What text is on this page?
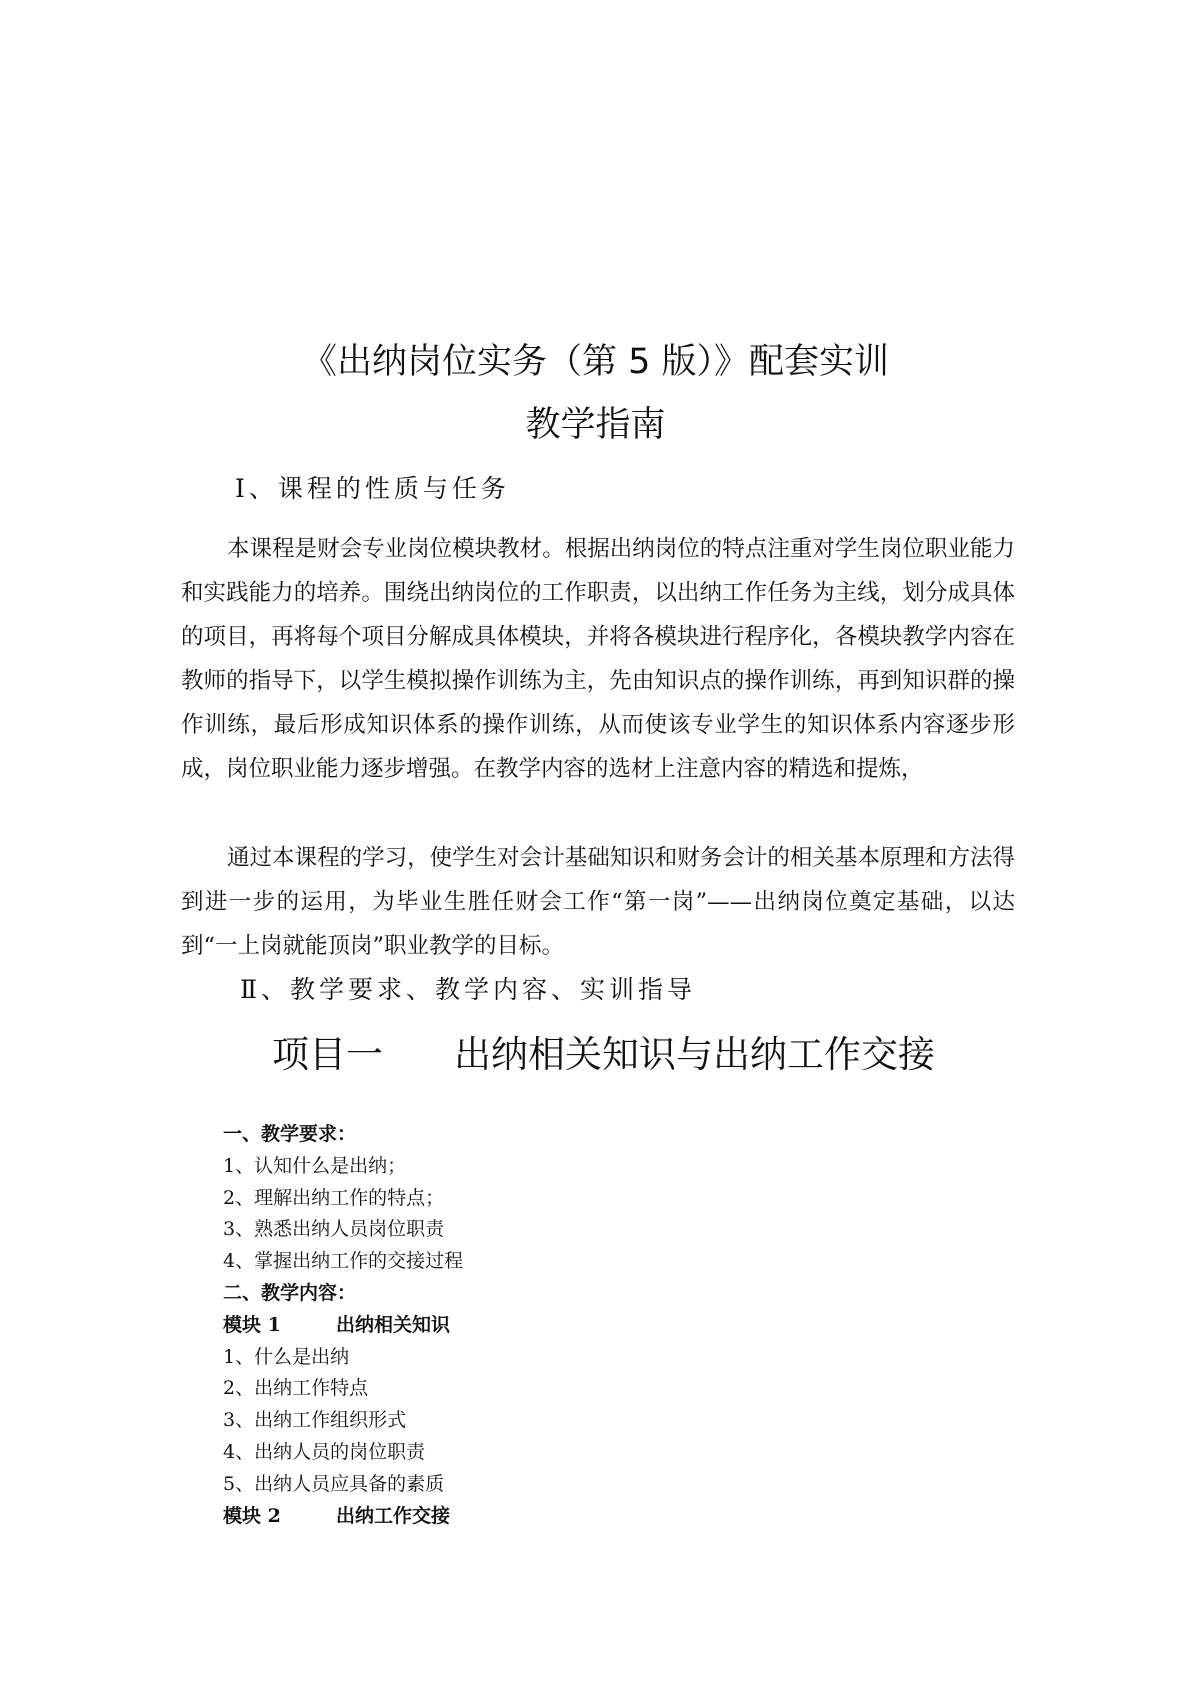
《出纳岗位实务（第 5 版）》配套实训
教学指南
Ⅰ、课程的性质与任务

本课程是财会专业岗位模块教材。根据出纳岗位的特点注重对学生岗位职业能力和实践能力的培养。围绕出纳岗位的工作职责，以出纳工作任务为主线，划分成具体的项目，再将每个项目分解成具体模块，并将各模块进行程序化，各模块教学内容在教师的指导下，以学生模拟操作训练为主，先由知识点的操作训练，再到知识群的操作训练，最后形成知识体系的操作训练，从而使该专业学生的知识体系内容逐步形成，岗位职业能力逐步增强。在教学内容的选材上注意内容的精选和提炼，

通过本课程的学习，使学生对会计基础知识和财务会计的相关基本原理和方法得到进一步的运用，为毕业生胜任财会工作“第一岗”——出纳岗位奠定基础，以达到“一上岗就能顶岗”职业教学的目标。

Ⅱ、教学要求、教学内容、实训指导
项目一 出纳相关知识与出纳工作交接
一、教学要求：
1、认知什么是出纳；
2、理解出纳工作的特点；
3、熟悉出纳人员岗位职责
4、掌握出纳工作的交接过程
二、教学内容：
模块 1	出纳相关知识
1、什么是出纳
2、出纳工作特点
3、出纳工作组织形式
4、出纳人员的岗位职责
5、出纳人员应具备的素质
模块 2	出纳工作交接
